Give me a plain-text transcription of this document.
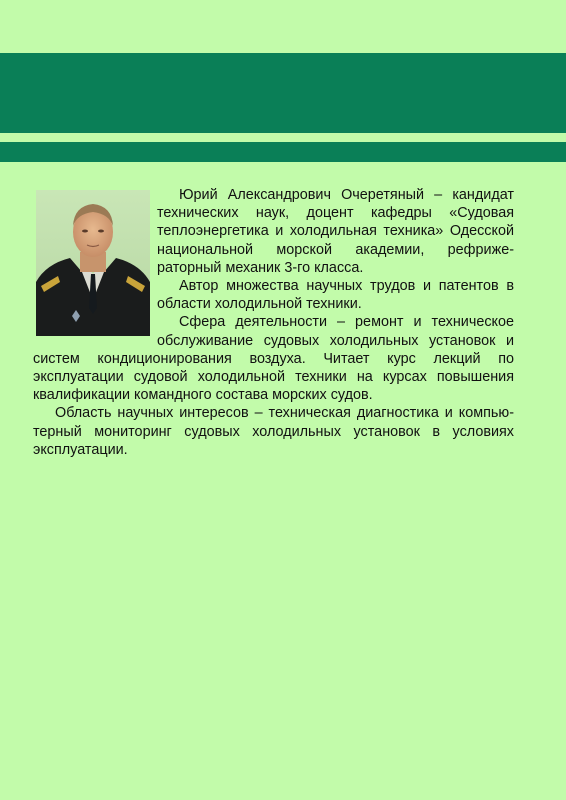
Юрий Александрович Очеретяный – кандидат технических наук, доцент кафедры «Судовая теплоэнергетика и холодильная техника» Одесской национальной морской академии, рефрижераторный механик 3-го класса.

Автор множества научных трудов и патентов в области холодильной техники.

Сфера деятельности – ремонт и техническое обслуживание судовых холодильных установок и систем кондиционирования воздуха. Читает курс лекций по эксплуатации судовой холодильной техники на курсах повышения квалификации командного состава морских судов.

Область научных интересов – техническая диагностика и компьютерный мониторинг судовых холодильных установок в условиях эксплуатации.
